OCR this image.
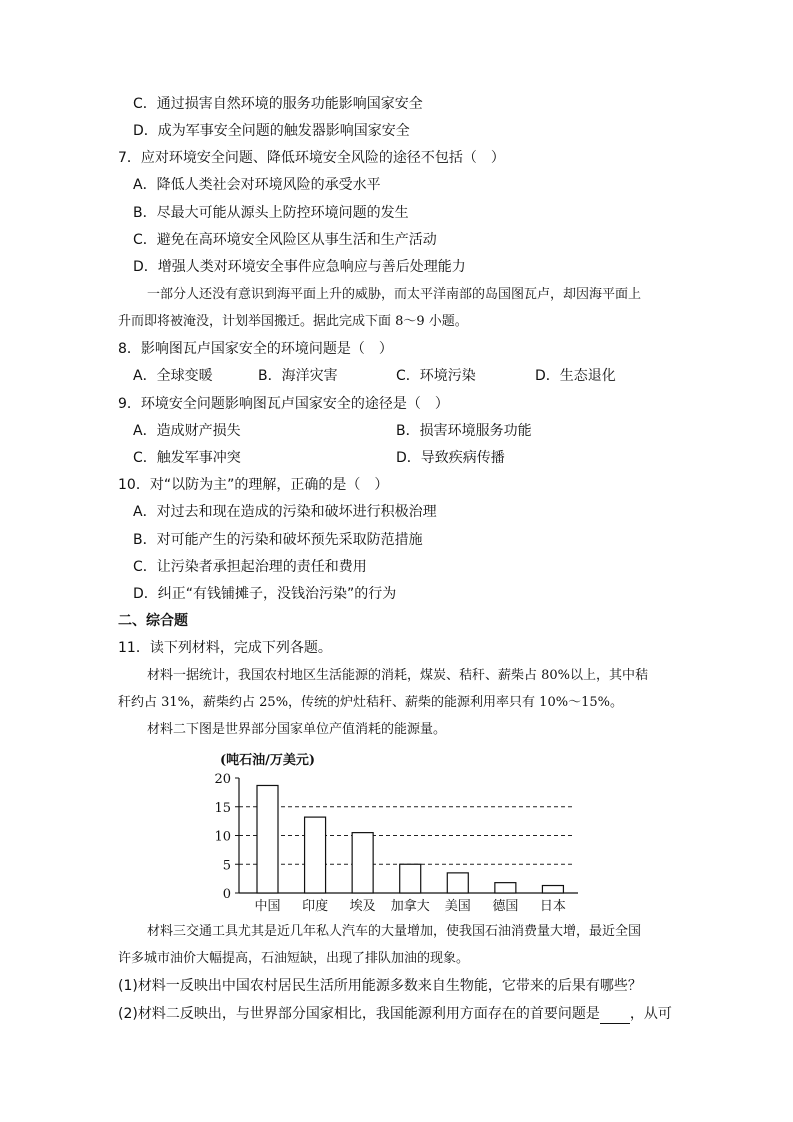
C．通过损害自然环境的服务功能影响国家安全
D．成为军事安全问题的触发器影响国家安全
7．应对环境安全问题、降低环境安全风险的途径不包括（　）
A．降低人类社会对环境风险的承受水平
B．尽最大可能从源头上防控环境问题的发生
C．避免在高环境安全风险区从事生活和生产活动
D．增强人类对环境安全事件应急响应与善后处理能力
一部分人还没有意识到海平面上升的威胁，而太平洋南部的岛国图瓦卢，却因海平面上
升而即将被淹没，计划举国搬迁。据此完成下面 8～9 小题。
8．影响图瓦卢国家安全的环境问题是（　）
A．全球变暖	B．海洋灾害	C．环境污染	D．生态退化
9．环境安全问题影响图瓦卢国家安全的途径是（　）
A．造成财产损失	B．损害环境服务功能
C．触发军事冲突	D．导致疾病传播
10．对“以防为主”的理解，正确的是（　）
A．对过去和现在造成的污染和破坏进行积极治理
B．对可能产生的污染和破坏预先采取防范措施
C．让污染者承担起治理的责任和费用
D．纠正“有钱铺摊子，没钱治污染”的行为
二、综合题
11．读下列材料，完成下列各题。
材料一据统计，我国农村地区生活能源的消耗，煤炭、秸秆、薪柴占 80%以上，其中秸
秆约占 31%，薪柴约占 25%，传统的炉灶秸秆、薪柴的能源利用率只有 10%～15%。
材料二下图是世界部分国家单位产值消耗的能源量。
(吨石油/万美元)
0
5
10
15
20
中国 印度 埃及 加拿大 美国 德国 日本
材料三交通工具尤其是近几年私人汽车的大量增加，使我国石油消费量大增，最近全国
许多城市油价大幅提高，石油短缺，出现了排队加油的现象。
(1)材料一反映出中国农村居民生活所用能源多数来自生物能，它带来的后果有哪些？
(2)材料二反映出，与世界部分国家相比，我国能源利用方面存在的首要问题是 ，从可
